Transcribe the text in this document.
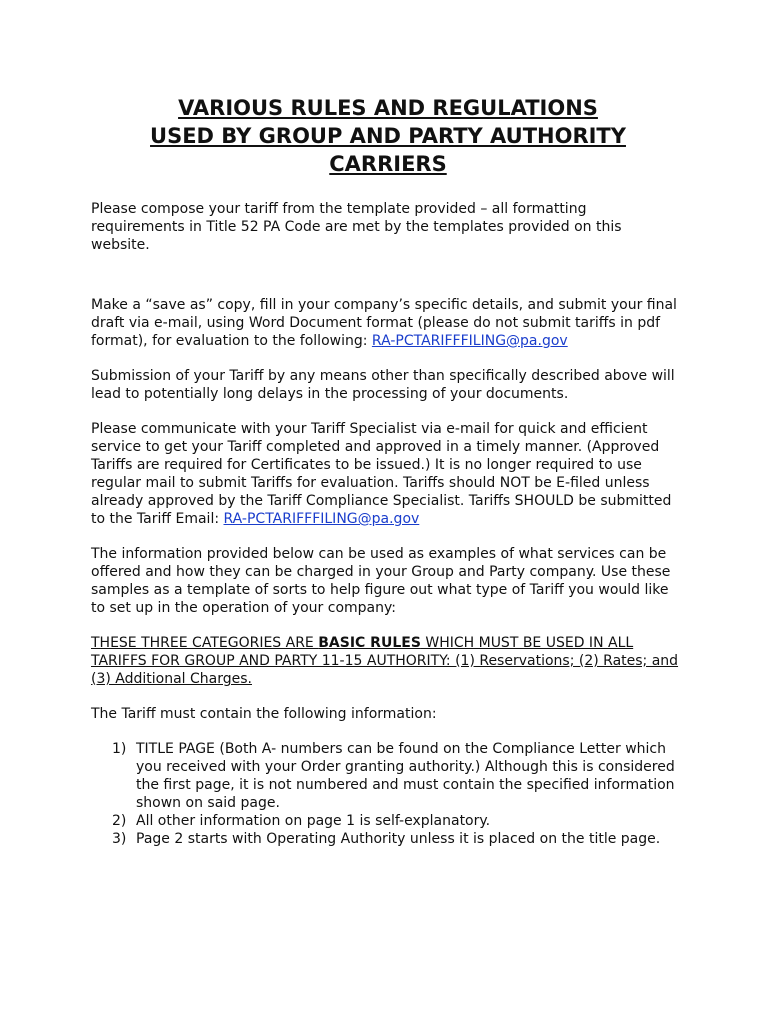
VARIOUS RULES AND REGULATIONS
USED BY GROUP AND PARTY AUTHORITY
CARRIERS

Please compose your tariff from the template provided – all formatting requirements in Title 52 PA Code are met by the templates provided on this website.

Make a “save as” copy, fill in your company’s specific details, and submit your final draft via e-mail, using Word Document format (please do not submit tariffs in pdf format), for evaluation to the following: RA-PCTARIFFFILING@pa.gov

Submission of your Tariff by any means other than specifically described above will lead to potentially long delays in the processing of your documents.

Please communicate with your Tariff Specialist via e-mail for quick and efficient service to get your Tariff completed and approved in a timely manner. (Approved Tariffs are required for Certificates to be issued.) It is no longer required to use regular mail to submit Tariffs for evaluation. Tariffs should NOT be E-filed unless already approved by the Tariff Compliance Specialist. Tariffs SHOULD be submitted to the Tariff Email: RA-PCTARIFFFILING@pa.gov

The information provided below can be used as examples of what services can be offered and how they can be charged in your Group and Party company. Use these samples as a template of sorts to help figure out what type of Tariff you would like to set up in the operation of your company:

THESE THREE CATEGORIES ARE BASIC RULES WHICH MUST BE USED IN ALL TARIFFS FOR GROUP AND PARTY 11-15 AUTHORITY: (1) Reservations; (2) Rates; and (3) Additional Charges.

The Tariff must contain the following information:

1) TITLE PAGE (Both A- numbers can be found on the Compliance Letter which you received with your Order granting authority.) Although this is considered the first page, it is not numbered and must contain the specified information shown on said page.
2) All other information on page 1 is self-explanatory.
3) Page 2 starts with Operating Authority unless it is placed on the title page.
